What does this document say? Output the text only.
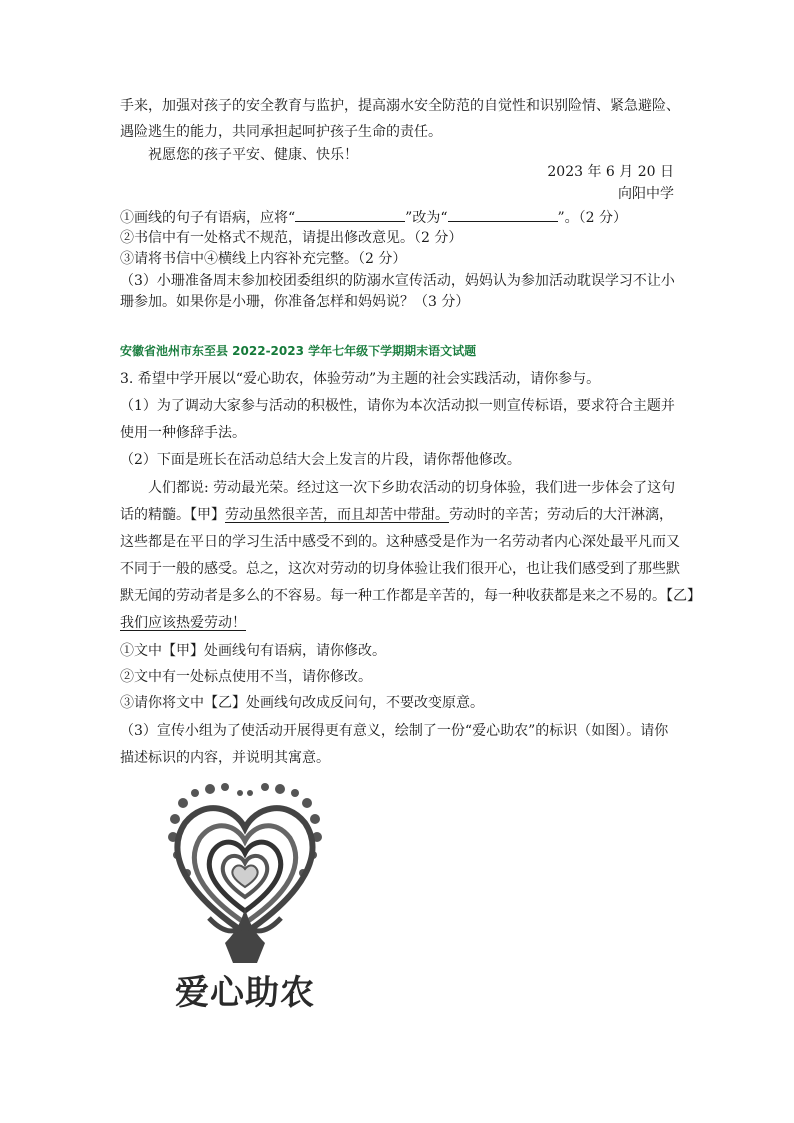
手来，加强对孩子的安全教育与监护，提高溺水安全防范的自觉性和识别险情、紧急避险、
遇险逃生的能力，共同承担起呵护孩子生命的责任。
祝愿您的孩子平安、健康、快乐！
2023 年 6 月 20 日
向阳中学
①画线的句子有语病，应将“	”改为“	”。（2 分）
②书信中有一处格式不规范，请提出修改意见。（2 分）
③请将书信中④横线上内容补充完整。（2 分）
（3）小珊准备周末参加校团委组织的防溺水宣传活动，妈妈认为参加活动耽误学习不让小
珊参加。如果你是小珊，你准备怎样和妈妈说？（3 分）
安徽省池州市东至县 2022-2023 学年七年级下学期期末语文试题
3. 希望中学开展以“爱心助农，体验劳动”为主题的社会实践活动，请你参与。
（1）为了调动大家参与活动的积极性，请你为本次活动拟一则宣传标语，要求符合主题并
使用一种修辞手法。
（2）下面是班长在活动总结大会上发言的片段，请你帮他修改。
人们都说: 劳动最光荣。经过这一次下乡助农活动的切身体验，我们进一步体会了这句
话的精髓。【甲】劳动虽然很辛苦，而且却苦中带甜。劳动时的辛苦；劳动后的大汗淋漓，
这些都是在平日的学习生活中感受不到的。这种感受是作为一名劳动者内心深处最平凡而又
不同于一般的感受。总之，这次对劳动的切身体验让我们很开心，也让我们感受到了那些默
默无闻的劳动者是多么的不容易。每一种工作都是辛苦的，每一种收获都是来之不易的。【乙】
我们应该热爱劳动！
①文中【甲】处画线句有语病，请你修改。
②文中有一处标点使用不当，请你修改。
③请你将文中【乙】处画线句改成反问句，不要改变原意。
（3）宣传小组为了使活动开展得更有意义，绘制了一份“爱心助农”的标识（如图）。请你
描述标识的内容，并说明其寓意。
爱心助农
